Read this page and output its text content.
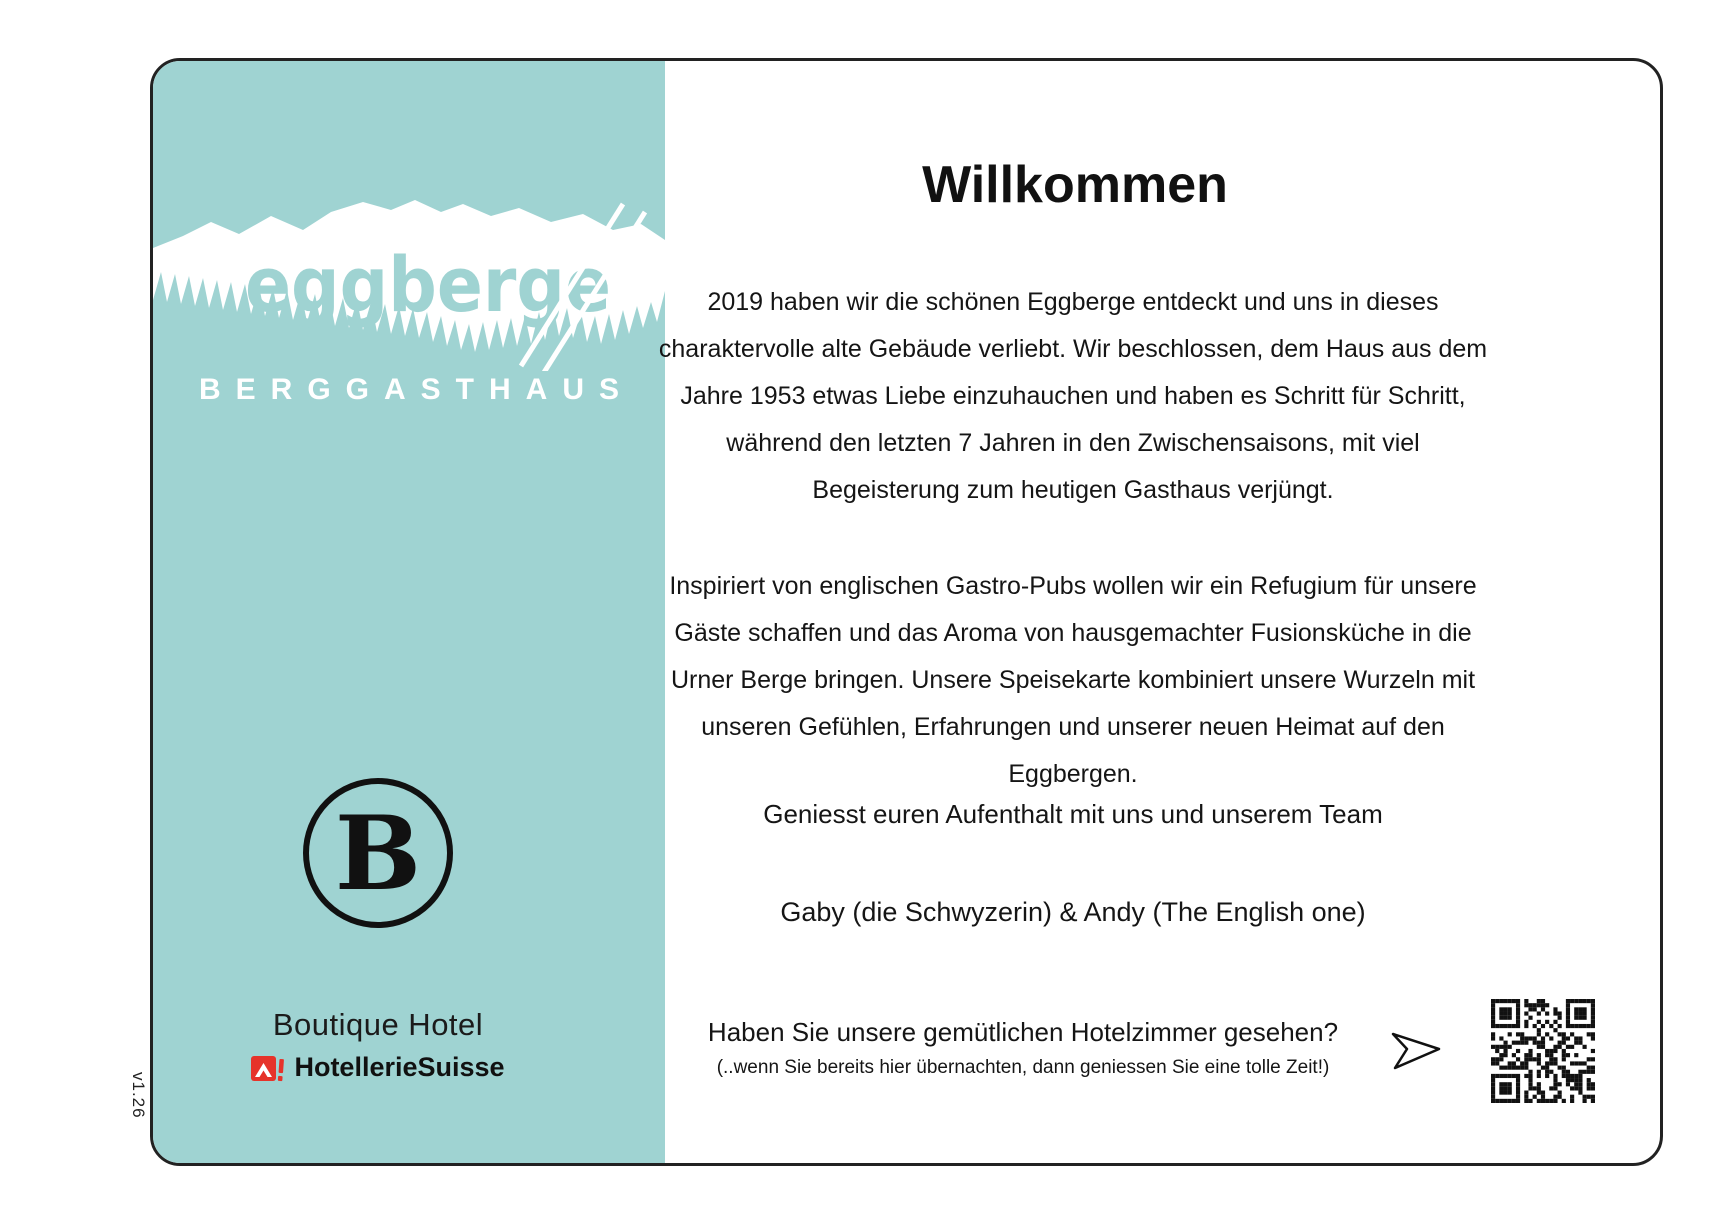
v1.26
eggberge
BERGGASTHAUS
B
Boutique Hotel
HotellerieSuisse
Willkommen
2019 haben wir die schönen Eggberge entdeckt und uns in dieses charaktervolle alte Gebäude verliebt. Wir beschlossen, dem Haus aus dem Jahre 1953 etwas Liebe einzuhauchen und haben es Schritt für Schritt, während den letzten 7 Jahren in den Zwischensaisons, mit viel Begeisterung zum heutigen Gasthaus verjüngt.
Inspiriert von englischen Gastro-Pubs wollen wir ein Refugium für unsere Gäste schaffen und das Aroma von hausgemachter Fusionsküche in die Urner Berge bringen. Unsere Speisekarte kombiniert unsere Wurzeln mit unseren Gefühlen, Erfahrungen und unserer neuen Heimat auf den Eggbergen.
Geniesst euren Aufenthalt mit uns und unserem Team
Gaby (die Schwyzerin) & Andy (The English one)
Haben Sie unsere gemütlichen Hotelzimmer gesehen?
(..wenn Sie bereits hier übernachten, dann geniessen Sie eine tolle Zeit!)
